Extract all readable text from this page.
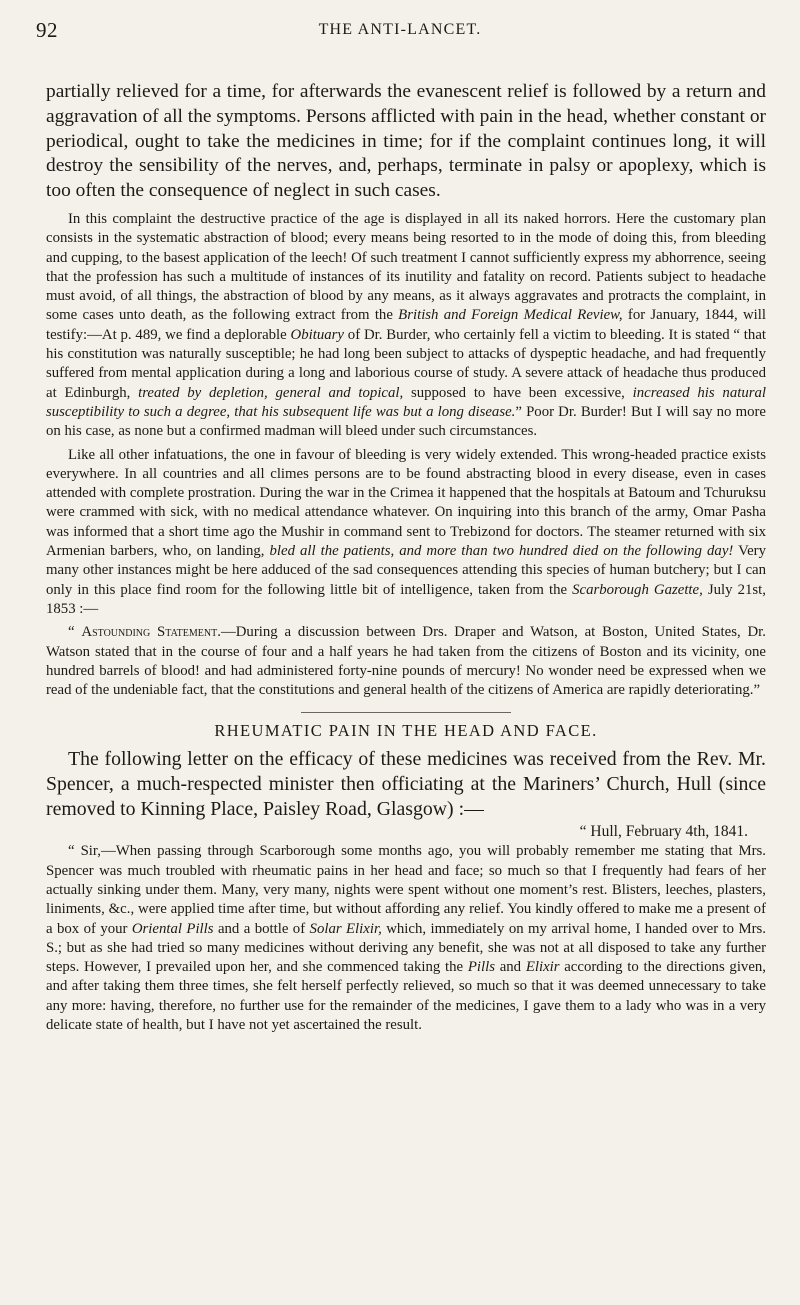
92	THE ANTI-LANCET.

partially relieved for a time, for afterwards the evanescent relief is followed by a return and aggravation of all the symptoms. Persons afflicted with pain in the head, whether constant or periodical, ought to take the medicines in time; for if the complaint continues long, it will destroy the sensibility of the nerves, and, perhaps, terminate in palsy or apoplexy, which is too often the consequence of neglect in such cases.

In this complaint the destructive practice of the age is displayed in all its naked horrors. Here the customary plan consists in the systematic abstraction of blood; every means being resorted to in the mode of doing this, from bleeding and cupping, to the basest application of the leech! Of such treatment I cannot sufficiently express my abhorrence, seeing that the profession has such a multitude of instances of its inutility and fatality on record. Patients subject to headache must avoid, of all things, the abstraction of blood by any means, as it always aggravates and protracts the complaint, in some cases unto death, as the following extract from the British and Foreign Medical Review, for January, 1844, will testify:—At p. 489, we find a deplorable Obituary of Dr. Burder, who certainly fell a victim to bleeding. It is stated “ that his constitution was naturally susceptible; he had long been subject to attacks of dyspeptic headache, and had frequently suffered from mental application during a long and laborious course of study. A severe attack of headache thus produced at Edinburgh, treated by depletion, general and topical, supposed to have been excessive, increased his natural susceptibility to such a degree, that his subsequent life was but a long disease.” Poor Dr. Burder! But I will say no more on his case, as none but a confirmed madman will bleed under such circumstances.

Like all other infatuations, the one in favour of bleeding is very widely extended. This wrong-headed practice exists everywhere. In all countries and all climes persons are to be found abstracting blood in every disease, even in cases attended with complete prostration. During the war in the Crimea it happened that the hospitals at Batoum and Tchuruksu were crammed with sick, with no medical attendance whatever. On inquiring into this branch of the army, Omar Pasha was informed that a short time ago the Mushir in command sent to Trebizond for doctors. The steamer returned with six Armenian barbers, who, on landing, bled all the patients, and more than two hundred died on the following day! Very many other instances might be here adduced of the sad consequences attending this species of human butchery; but I can only in this place find room for the following little bit of intelligence, taken from the Scarborough Gazette, July 21st, 1853 :—

“ Astounding Statement.—During a discussion between Drs. Draper and Watson, at Boston, United States, Dr. Watson stated that in the course of four and a half years he had taken from the citizens of Boston and its vicinity, one hundred barrels of blood! and had administered forty-nine pounds of mercury! No wonder need be expressed when we read of the undeniable fact, that the constitutions and general health of the citizens of America are rapidly deteriorating.”

RHEUMATIC PAIN IN THE HEAD AND FACE.

The following letter on the efficacy of these medicines was received from the Rev. Mr. Spencer, a much-respected minister then officiating at the Mariners’ Church, Hull (since removed to Kinning Place, Paisley Road, Glasgow) :—

“ Hull, February 4th, 1841.

“ Sir,—When passing through Scarborough some months ago, you will probably remember me stating that Mrs. Spencer was much troubled with rheumatic pains in her head and face; so much so that I frequently had fears of her actually sinking under them. Many, very many, nights were spent without one moment’s rest. Blisters, leeches, plasters, liniments, &c., were applied time after time, but without affording any relief. You kindly offered to make me a present of a box of your Oriental Pills and a bottle of Solar Elixir, which, immediately on my arrival home, I handed over to Mrs. S.; but as she had tried so many medicines without deriving any benefit, she was not at all disposed to take any further steps. However, I prevailed upon her, and she commenced taking the Pills and Elixir according to the directions given, and after taking them three times, she felt herself perfectly relieved, so much so that it was deemed unnecessary to take any more: having, therefore, no further use for the remainder of the medicines, I gave them to a lady who was in a very delicate state of health, but I have not yet ascertained the result.
